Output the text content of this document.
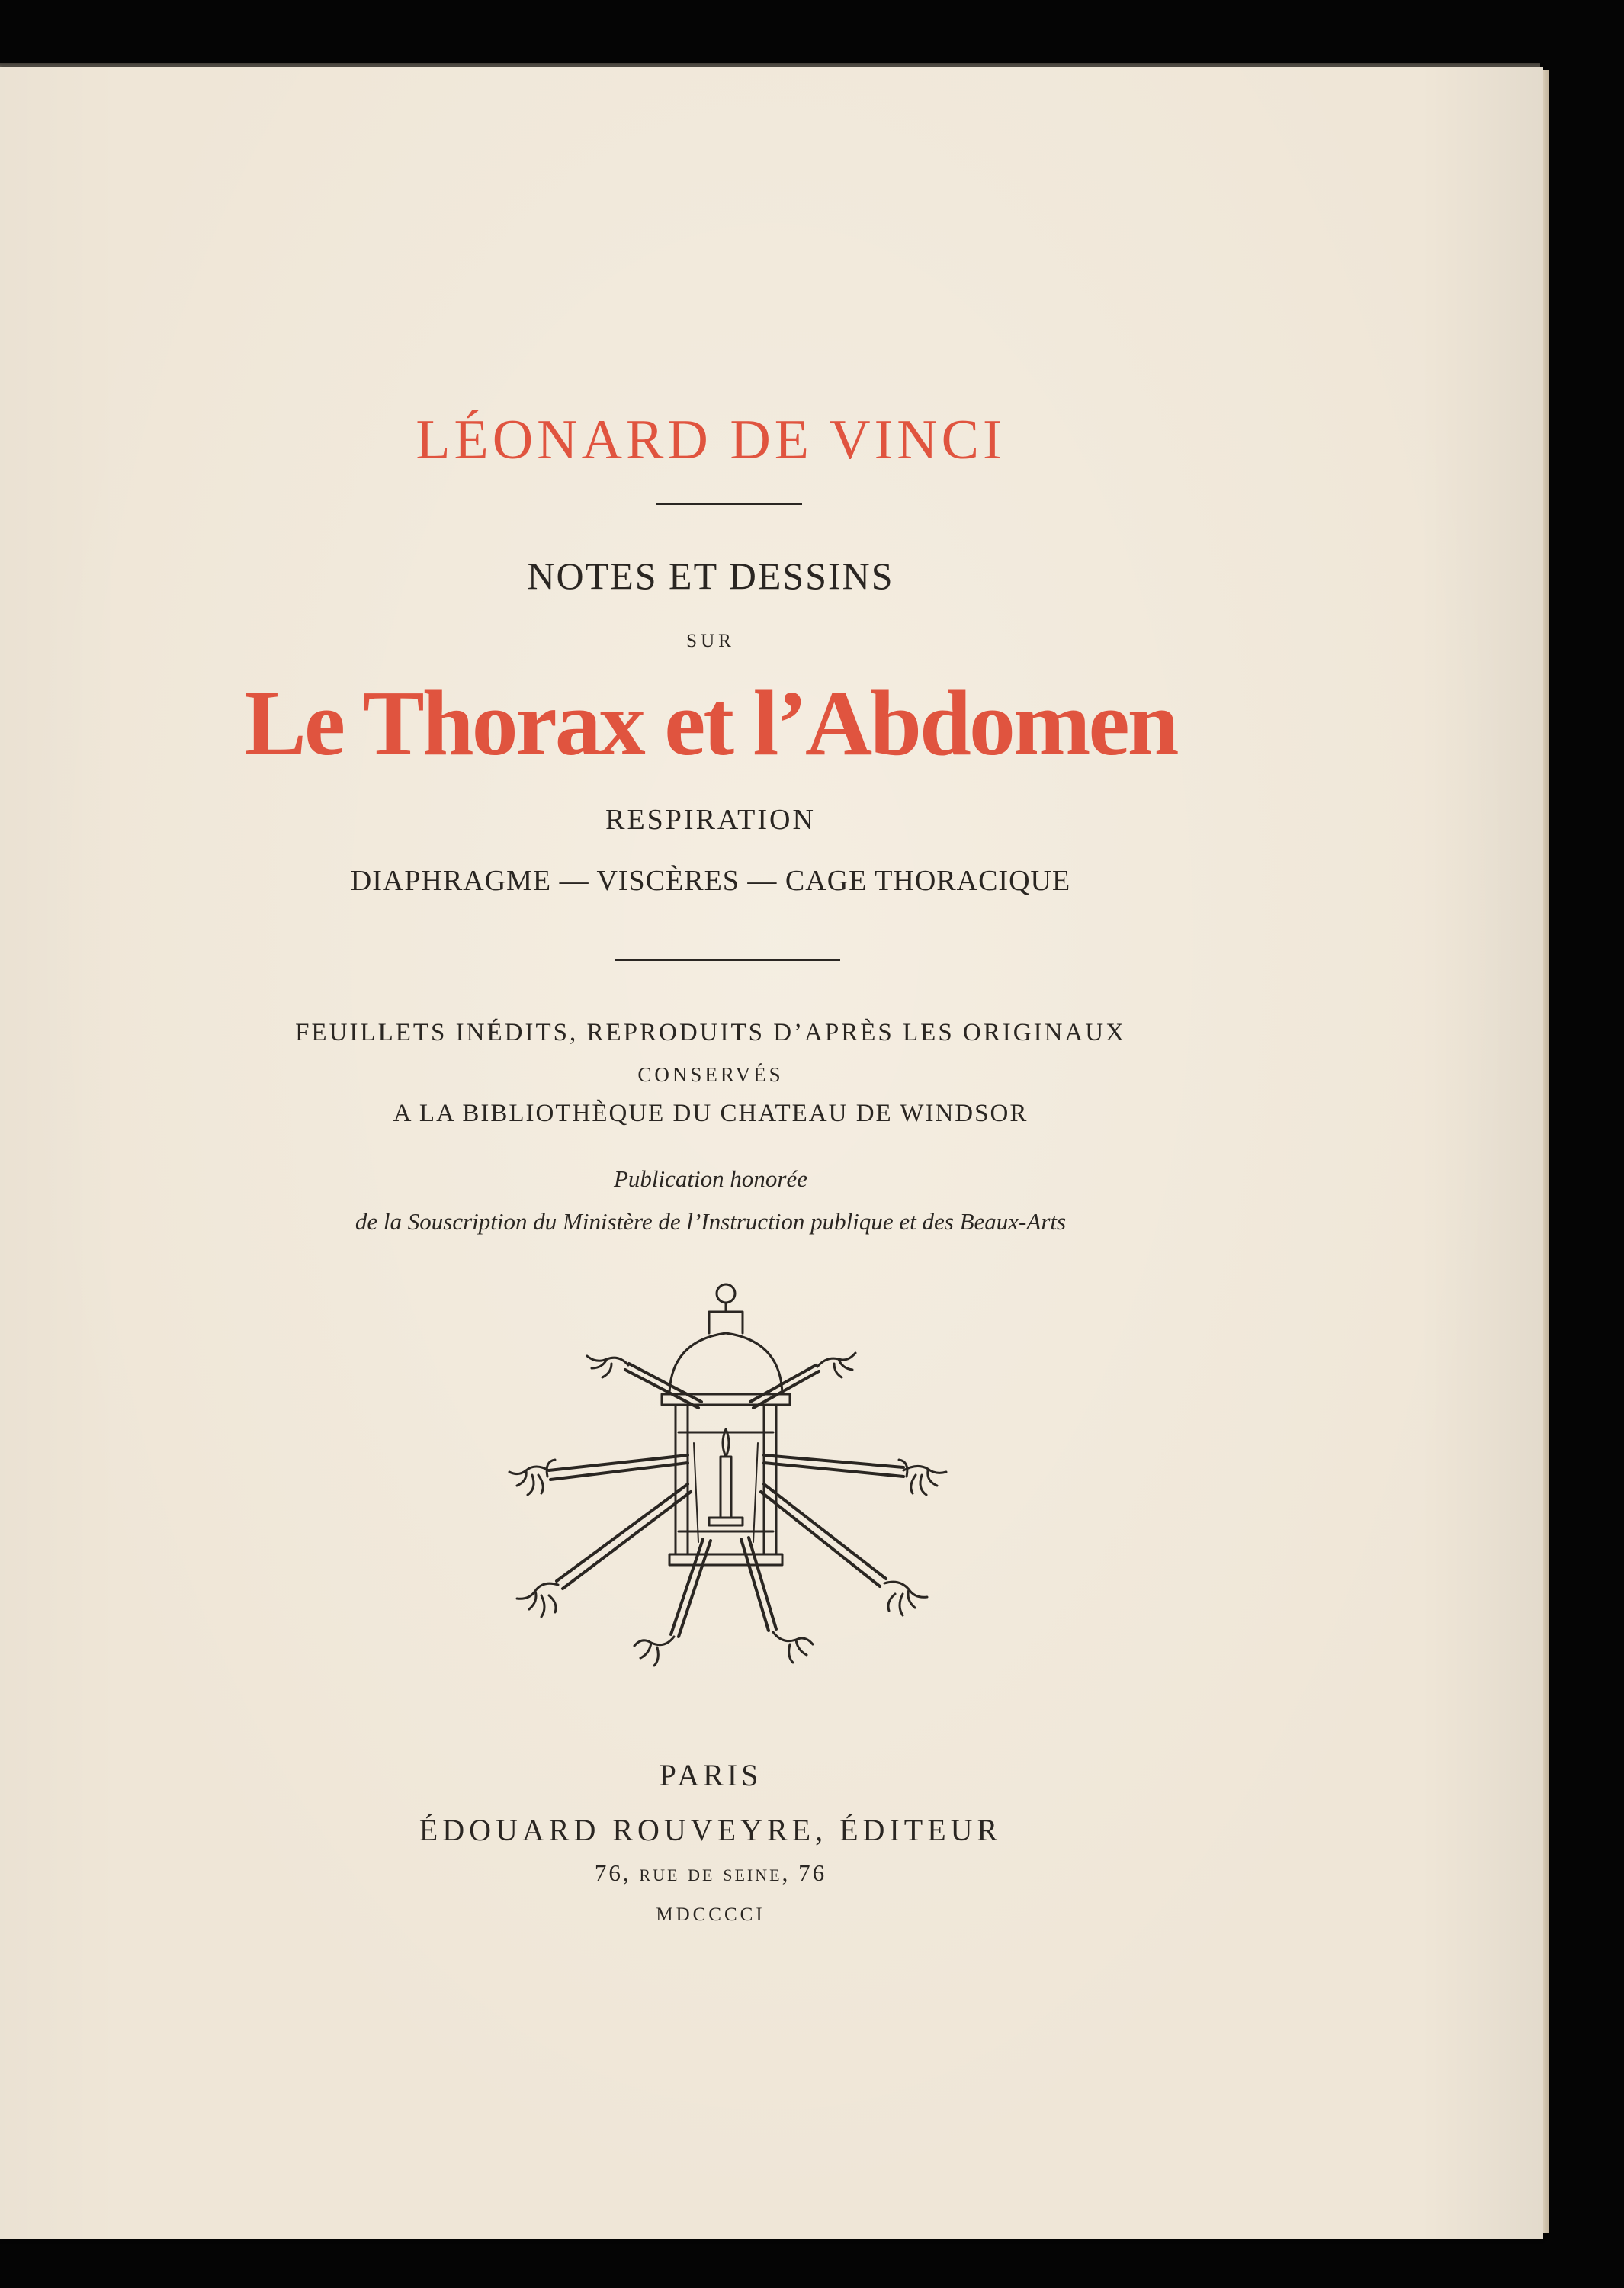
LÉONARD DE VINCI

NOTES ET DESSINS

SUR

Le Thorax et l’Abdomen

RESPIRATION

DIAPHRAGME — VISCÈRES — CAGE THORACIQUE

FEUILLETS INÉDITS, REPRODUITS D’APRÈS LES ORIGINAUX

CONSERVÉS

A LA BIBLIOTHÈQUE DU CHATEAU DE WINDSOR

Publication honorée

de la Souscription du Ministère de l’Instruction publique et des Beaux-Arts

PARIS

ÉDOUARD ROUVEYRE, ÉDITEUR

76, rue de seine, 76

MDCCCCI
